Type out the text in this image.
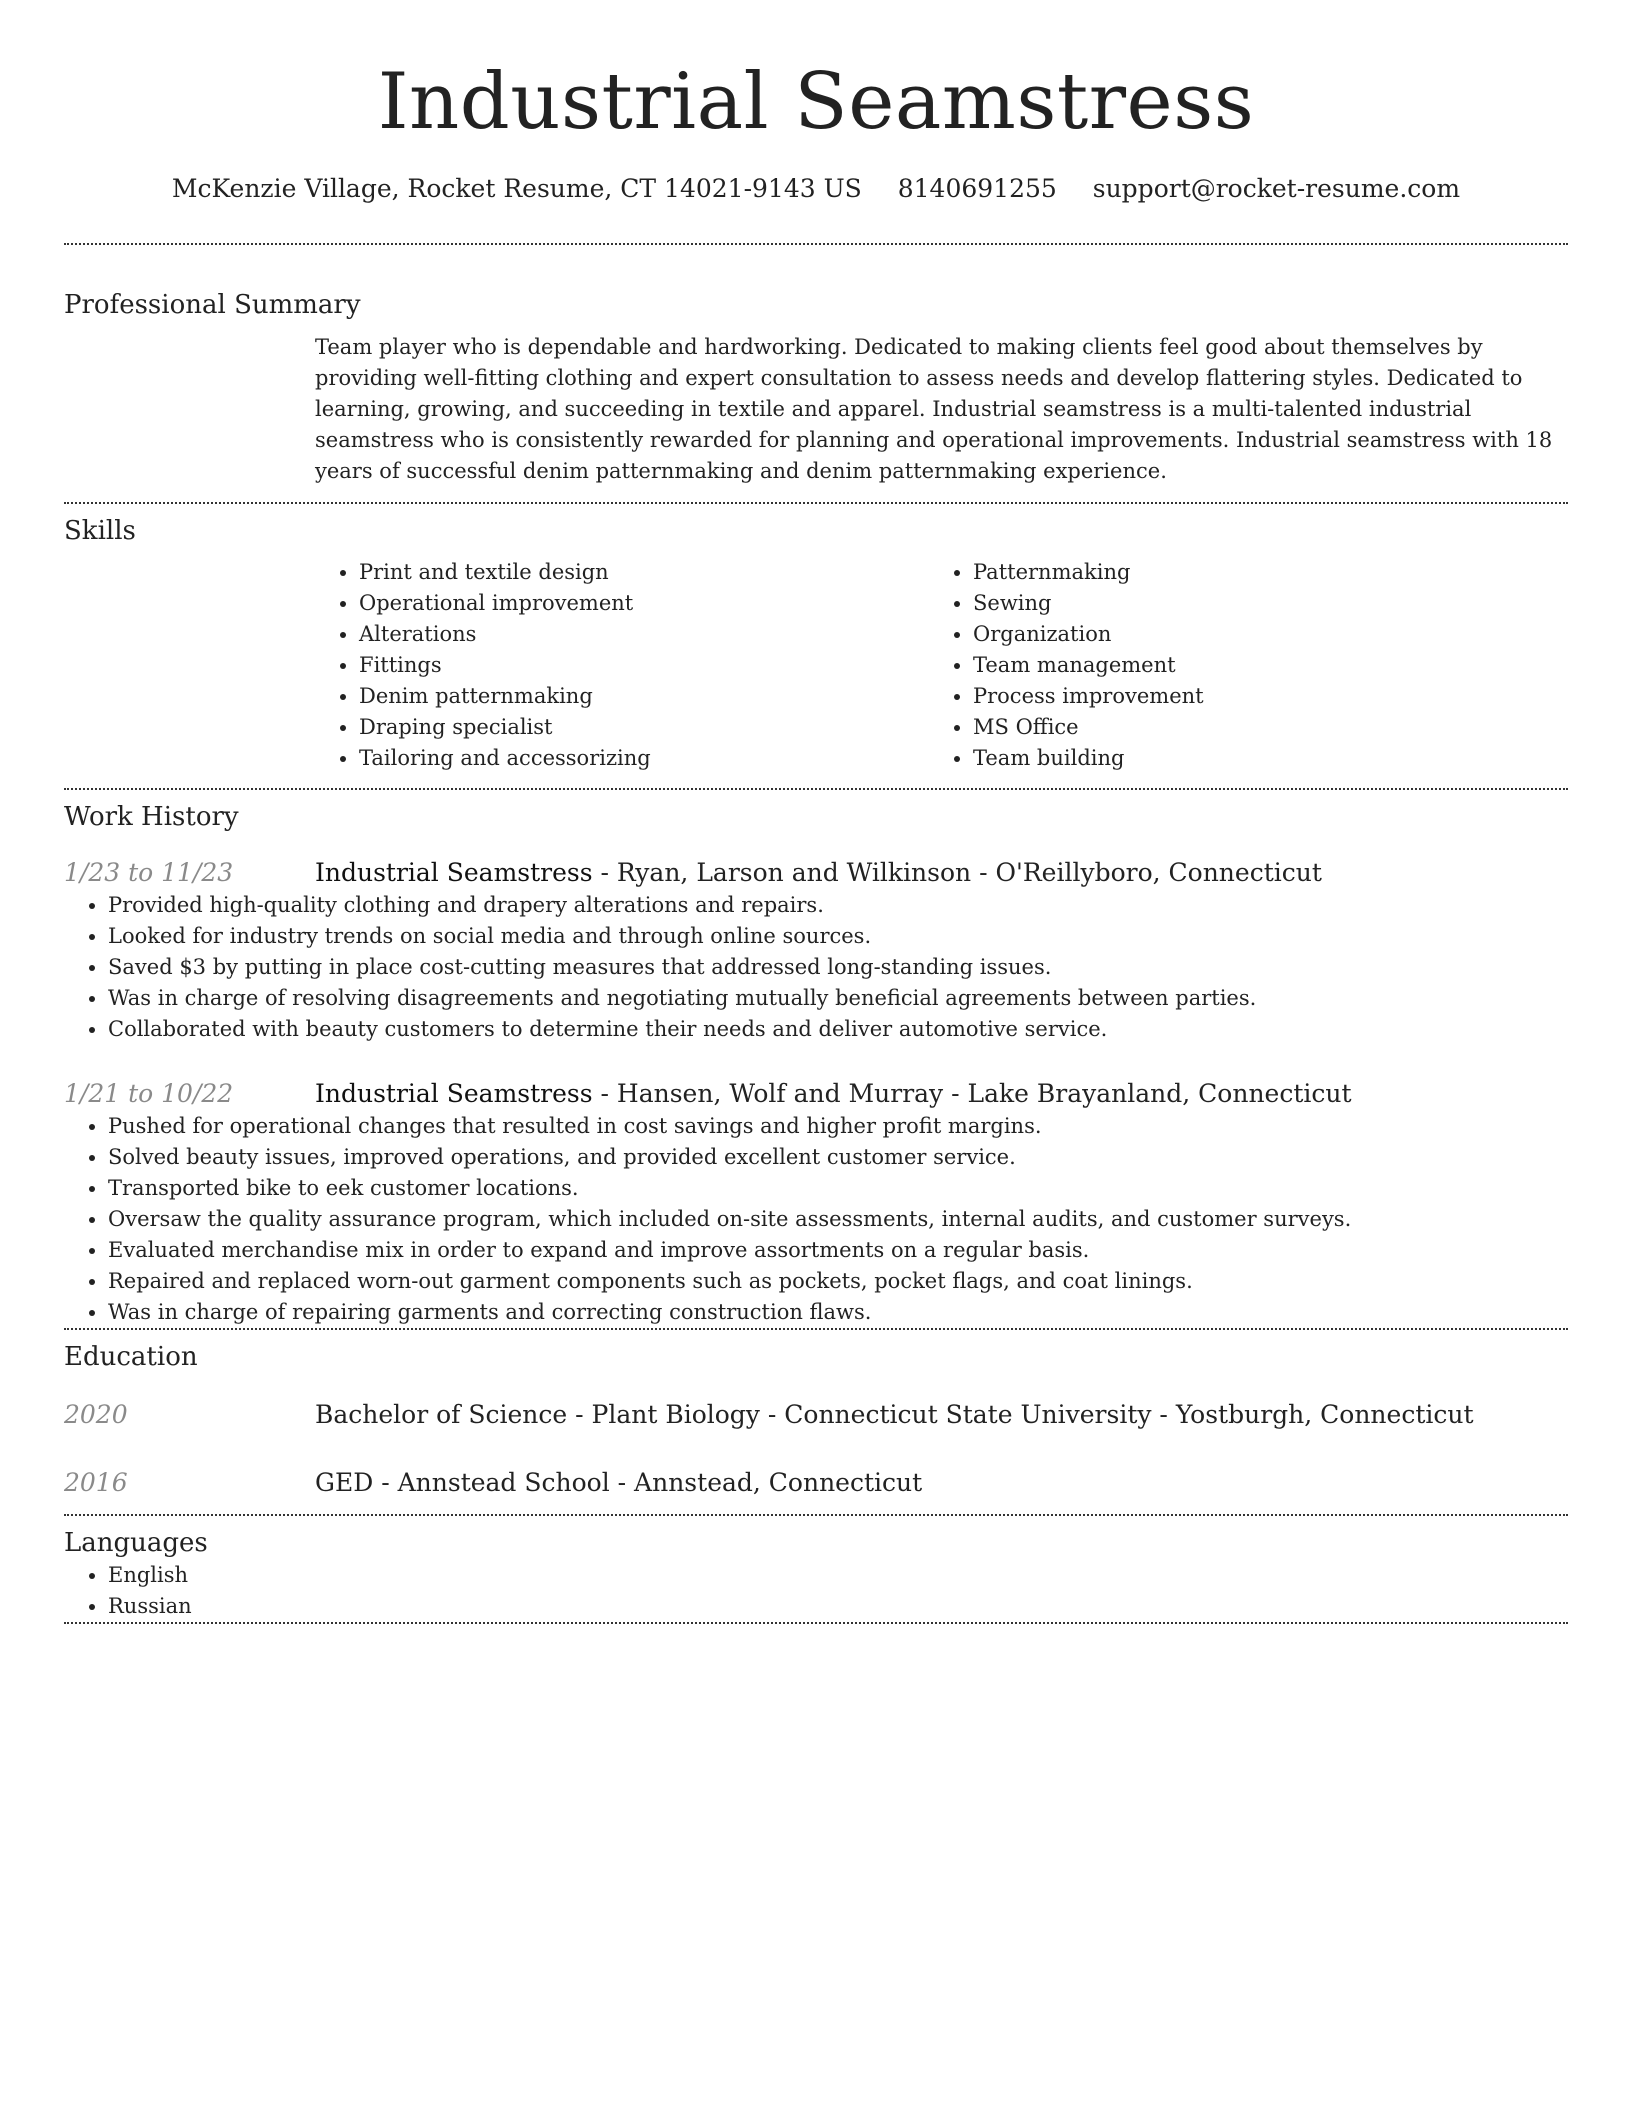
Industrial Seamstress
McKenzie Village, Rocket Resume, CT 14021-9143 US 8140691255 support@rocket-resume.com
Professional Summary
Team player who is dependable and hardworking. Dedicated to making clients feel good about themselves by providing well-fitting clothing and expert consultation to assess needs and develop flattering styles. Dedicated to learning, growing, and succeeding in textile and apparel. Industrial seamstress is a multi-talented industrial seamstress who is consistently rewarded for planning and operational improvements. Industrial seamstress with 18 years of successful denim patternmaking and denim patternmaking experience.
Skills
• Print and textile design
• Operational improvement
• Alterations
• Fittings
• Denim patternmaking
• Draping specialist
• Tailoring and accessorizing
• Patternmaking
• Sewing
• Organization
• Team management
• Process improvement
• MS Office
• Team building
Work History
1/23 to 11/23	Industrial Seamstress - Ryan, Larson and Wilkinson - O'Reillyboro, Connecticut
• Provided high-quality clothing and drapery alterations and repairs.
• Looked for industry trends on social media and through online sources.
• Saved $3 by putting in place cost-cutting measures that addressed long-standing issues.
• Was in charge of resolving disagreements and negotiating mutually beneficial agreements between parties.
• Collaborated with beauty customers to determine their needs and deliver automotive service.
1/21 to 10/22	Industrial Seamstress - Hansen, Wolf and Murray - Lake Brayanland, Connecticut
• Pushed for operational changes that resulted in cost savings and higher profit margins.
• Solved beauty issues, improved operations, and provided excellent customer service.
• Transported bike to eek customer locations.
• Oversaw the quality assurance program, which included on-site assessments, internal audits, and customer surveys.
• Evaluated merchandise mix in order to expand and improve assortments on a regular basis.
• Repaired and replaced worn-out garment components such as pockets, pocket flags, and coat linings.
• Was in charge of repairing garments and correcting construction flaws.
Education
2020	Bachelor of Science - Plant Biology - Connecticut State University - Yostburgh, Connecticut
2016	GED - Annstead School - Annstead, Connecticut
Languages
• English
• Russian
